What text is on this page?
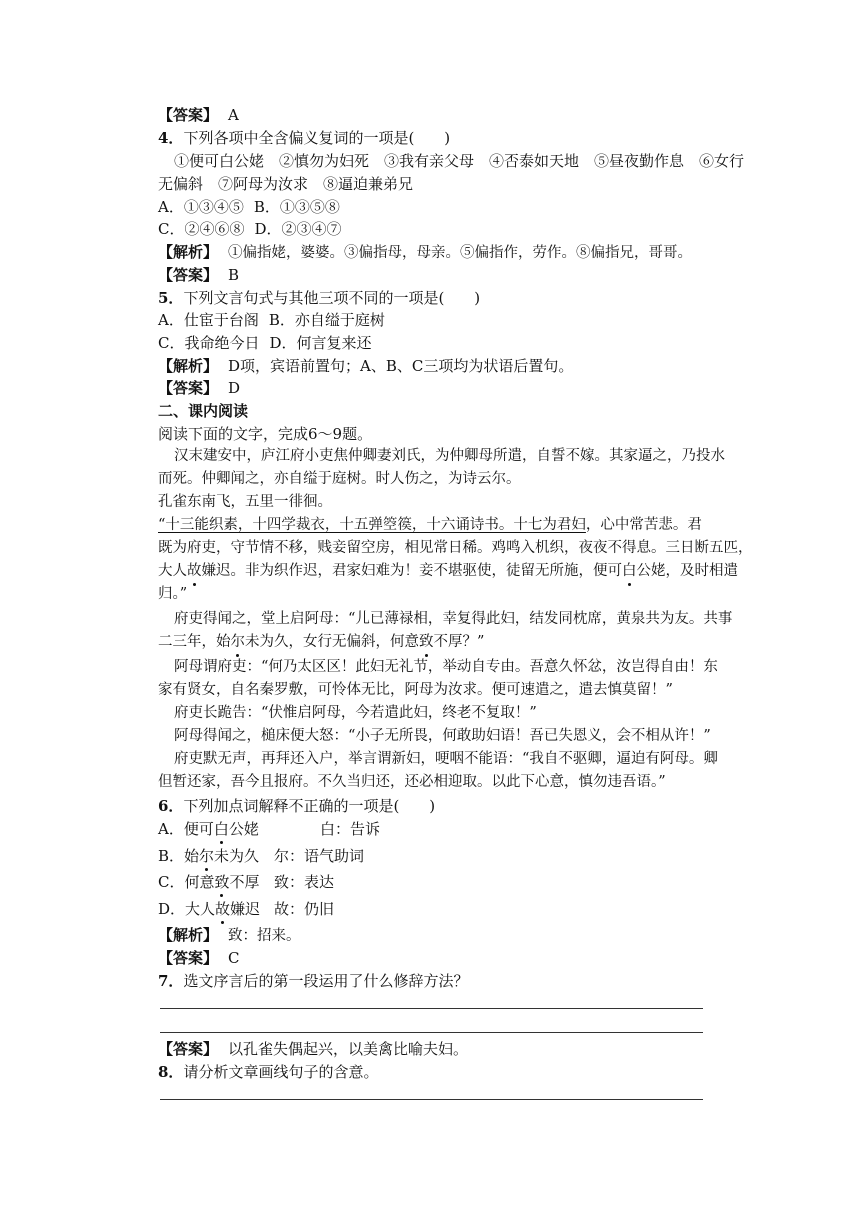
【答案】 A
4．下列各项中全含偏义复词的一项是(　　)
①便可白公姥　②慎勿为妇死　③我有亲父母　④否泰如天地　⑤昼夜勤作息　⑥女行
无偏斜　⑦阿母为汝求　⑧逼迫兼弟兄
A．①③④⑤ B．①③⑤⑧
C．②④⑥⑧ D．②③④⑦
【解析】 ①偏指姥，婆婆。③偏指母，母亲。⑤偏指作，劳作。⑧偏指兄，哥哥。
【答案】 B
5．下列文言句式与其他三项不同的一项是(　　)
A．仕宦于台阁 B．亦自缢于庭树
C．我命绝今日 D．何言复来还
【解析】 D项，宾语前置句；A、B、C三项均为状语后置句。
【答案】 D
二、课内阅读
阅读下面的文字，完成6～9题。
汉末建安中，庐江府小吏焦仲卿妻刘氏，为仲卿母所遣，自誓不嫁。其家逼之，乃投水
而死。仲卿闻之，亦自缢于庭树。时人伤之，为诗云尔。
孔雀东南飞，五里一徘徊。
“十三能织素，十四学裁衣，十五弹箜篌，十六诵诗书。十七为君妇，心中常苦悲。君
既为府吏，守节情不移，贱妾留空房，相见常日稀。鸡鸣入机织，夜夜不得息。三日断五匹，
大人故嫌迟。非为织作迟，君家妇难为！妾不堪驱使，徒留无所施，便可白公姥，及时相遣
归。”
府吏得闻之，堂上启阿母：“儿已薄禄相，幸复得此妇，结发同枕席，黄泉共为友。共事
二三年，始尔未为久，女行无偏斜，何意致不厚？”
阿母谓府吏：“何乃太区区！此妇无礼节，举动自专由。吾意久怀忿，汝岂得自由！东
家有贤女，自名秦罗敷，可怜体无比，阿母为汝求。便可速遣之，遣去慎莫留！”
府吏长跪告：“伏惟启阿母，今若遣此妇，终老不复取！”
阿母得闻之，槌床便大怒：“小子无所畏，何敢助妇语！吾已失恩义，会不相从许！”
府吏默无声，再拜还入户，举言谓新妇，哽咽不能语：“我自不驱卿，逼迫有阿母。卿
但暂还家，吾今且报府。不久当归还，还必相迎取。以此下心意，慎勿违吾语。”
6．下列加点词解释不正确的一项是(　　)
A．便可白公姥	白：告诉
B．始尔未为久 尔：语气助词
C．何意致不厚 致：表达
D．大人故嫌迟 故：仍旧
【解析】 致：招来。
【答案】 C
7．选文序言后的第一段运用了什么修辞方法？
【答案】 以孔雀失偶起兴，以美禽比喻夫妇。
8．请分析文章画线句子的含意。
